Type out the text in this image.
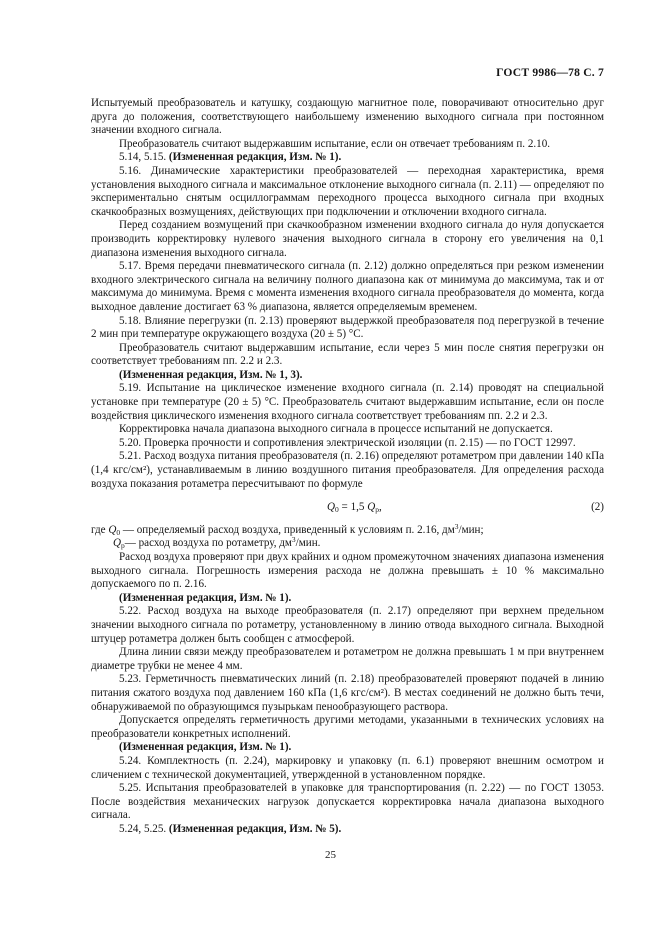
ГОСТ 9986—78 С. 7

Испытуемый преобразователь и катушку, создающую магнитное поле, поворачивают относительно друг друга до положения, соответствующего наибольшему изменению выходного сигнала при постоянном значении входного сигнала.

Преобразователь считают выдержавшим испытание, если он отвечает требованиям п. 2.10.

5.14, 5.15. (Измененная редакция, Изм. № 1).

5.16. Динамические характеристики преобразователей — переходная характеристика, время установления выходного сигнала и максимальное отклонение выходного сигнала (п. 2.11) — определяют по экспериментально снятым осциллограммам переходного процесса выходного сигнала при входных скачкообразных возмущениях, действующих при подключении и отключении входного сигнала.

Перед созданием возмущений при скачкообразном изменении входного сигнала до нуля допускается производить корректировку нулевого значения выходного сигнала в сторону его увеличения на 0,1 диапазона изменения выходного сигнала.

5.17. Время передачи пневматического сигнала (п. 2.12) должно определяться при резком изменении входного электрического сигнала на величину полного диапазона как от минимума до максимума, так и от максимума до минимума. Время с момента изменения входного сигнала преобразователя до момента, когда выходное давление достигает 63 % диапазона, является определяемым временем.

5.18. Влияние перегрузки (п. 2.13) проверяют выдержкой преобразователя под перегрузкой в течение 2 мин при температуре окружающего воздуха (20 ± 5) °С.

Преобразователь считают выдержавшим испытание, если через 5 мин после снятия перегрузки он соответствует требованиям пп. 2.2 и 2.3.

(Измененная редакция, Изм. № 1, 3).

5.19. Испытание на циклическое изменение входного сигнала (п. 2.14) проводят на специальной установке при температуре (20 ± 5) °С. Преобразователь считают выдержавшим испытание, если он после воздействия циклического изменения входного сигнала соответствует требованиям пп. 2.2 и 2.3.

Корректировка начала диапазона выходного сигнала в процессе испытаний не допускается.

5.20. Проверка прочности и сопротивления электрической изоляции (п. 2.15) — по ГОСТ 12997.

5.21. Расход воздуха питания преобразователя (п. 2.16) определяют ротаметром при давлении 140 кПа (1,4 кгс/см²), устанавливаемым в линию воздушного питания преобразователя. Для определения расхода воздуха показания ротаметра пересчитывают по формуле

$Q_0 = 1,5$ $Q_р$,	(2)

где $Q_0$ — определяемый расход воздуха, приведенный к условиям п. 2.16, $дм^3$/мин;

$Q_р—$ расход воздуха по ротаметру, $дм^3$/мин.

Расход воздуха проверяют при двух крайних и одном промежуточном значениях диапазона изменения выходного сигнала. Погрешность измерения расхода не должна превышать ± 10 % максимально допускаемого по п. 2.16.

(Измененная редакция, Изм. № 1).

5.22. Расход воздуха на выходе преобразователя (п. 2.17) определяют при верхнем предельном значении выходного сигнала по ротаметру, установленному в линию отвода выходного сигнала. Выходной штуцер ротаметра должен быть сообщен с атмосферой.

Длина линии связи между преобразователем и ротаметром не должна превышать 1 м при внутреннем диаметре трубки не менее 4 мм.

5.23. Герметичность пневматических линий (п. 2.18) преобразователей проверяют подачей в линию питания сжатого воздуха под давлением 160 кПа (1,6 кгс/см²). В местах соединений не должно быть течи, обнаруживаемой по образующимся пузырькам пенообразующего раствора.

Допускается определять герметичность другими методами, указанными в технических условиях на преобразователи конкретных исполнений.

(Измененная редакция, Изм. № 1).

5.24. Комплектность (п. 2.24), маркировку и упаковку (п. 6.1) проверяют внешним осмотром и сличением с технической документацией, утвержденной в установленном порядке.

5.25. Испытания преобразователей в упаковке для транспортирования (п. 2.22) — по ГОСТ 13053. После воздействия механических нагрузок допускается корректировка начала диапазона выходного сигнала.

5.24, 5.25. (Измененная редакция, Изм. № 5).

25
